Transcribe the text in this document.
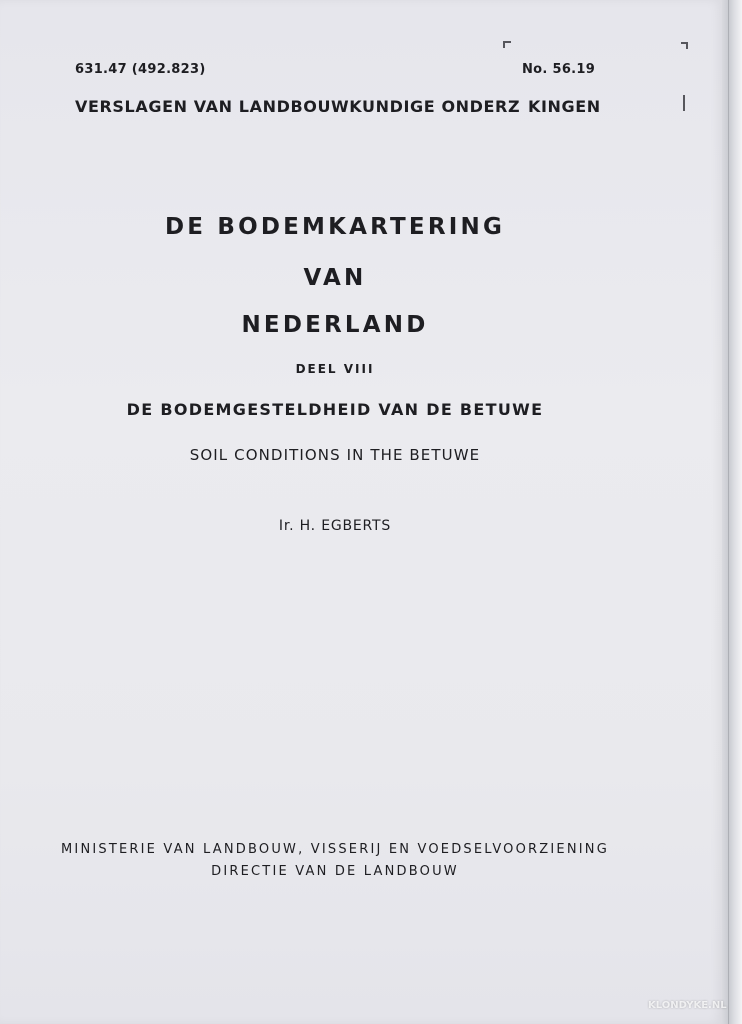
631.47 (492.823)	No. 56.19
VERSLAGEN VAN LANDBOUWKUNDIGE ONDERZ KINGEN
DE BODEMKARTERING
VAN
NEDERLAND
DEEL VIII
DE BODEMGESTELDHEID VAN DE BETUWE
SOIL CONDITIONS IN THE BETUWE
Ir. H. EGBERTS
MINISTERIE VAN LANDBOUW, VISSERIJ EN VOEDSELVOORZIENING
DIRECTIE VAN DE LANDBOUW
KLONDYKE.NL
